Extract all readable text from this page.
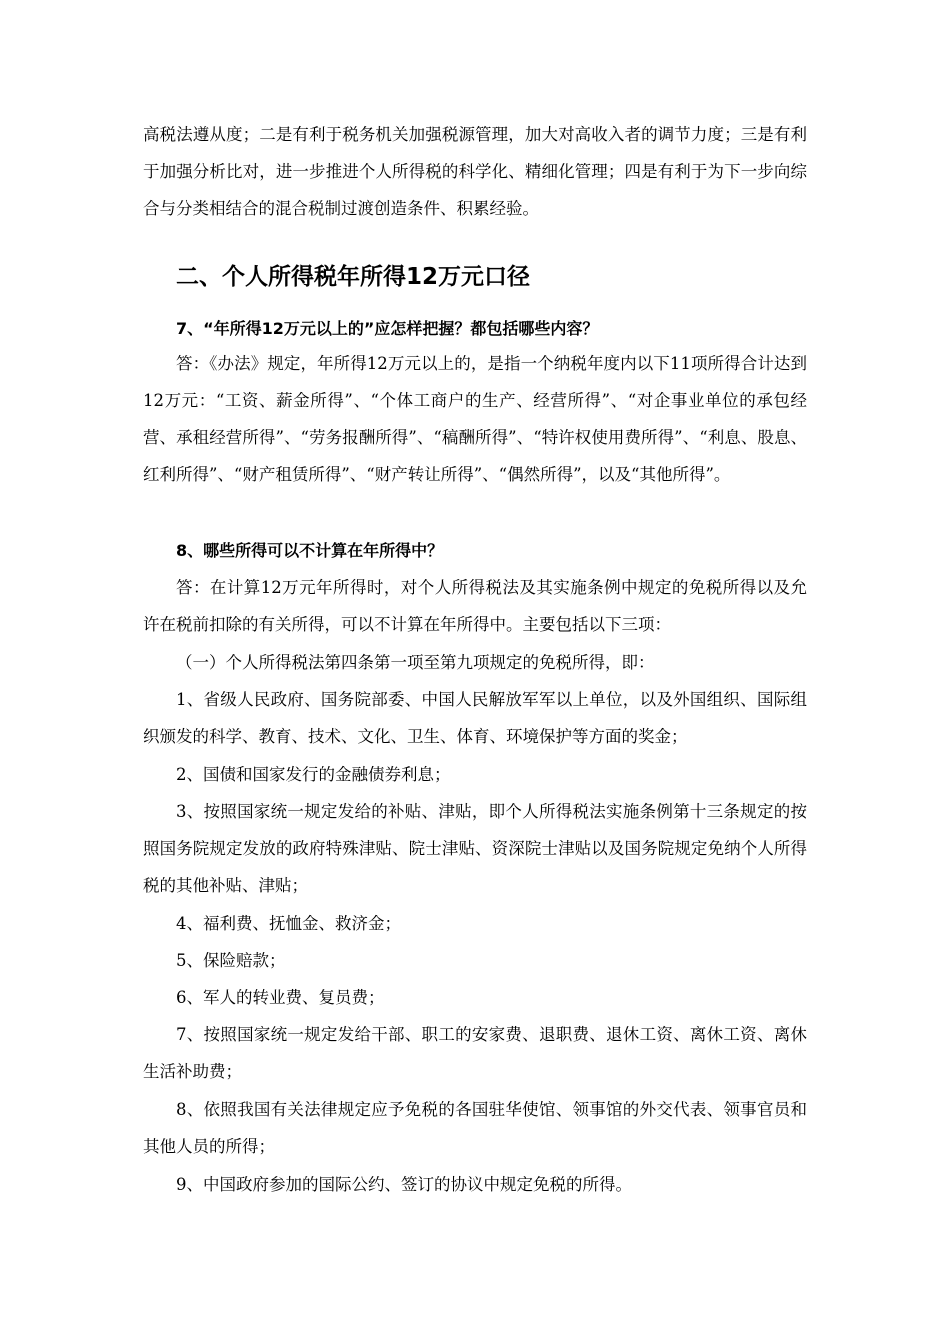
高税法遵从度；二是有利于税务机关加强税源管理，加大对高收入者的调节力度；三是有利于加强分析比对，进一步推进个人所得税的科学化、精细化管理；四是有利于为下一步向综合与分类相结合的混合税制过渡创造条件、积累经验。

二、个人所得税年所得12万元口径

7、“年所得12万元以上的”应怎样把握？都包括哪些内容？

答：《办法》规定，年所得12万元以上的，是指一个纳税年度内以下11项所得合计达到12万元：“工资、薪金所得”、“个体工商户的生产、经营所得”、“对企事业单位的承包经营、承租经营所得”、“劳务报酬所得”、“稿酬所得”、“特许权使用费所得”、“利息、股息、红利所得”、“财产租赁所得”、“财产转让所得”、“偶然所得”，以及“其他所得”。

8、哪些所得可以不计算在年所得中？

答：在计算12万元年所得时，对个人所得税法及其实施条例中规定的免税所得以及允许在税前扣除的有关所得，可以不计算在年所得中。主要包括以下三项：

（一）个人所得税法第四条第一项至第九项规定的免税所得，即：

1、省级人民政府、国务院部委、中国人民解放军军以上单位，以及外国组织、国际组织颁发的科学、教育、技术、文化、卫生、体育、环境保护等方面的奖金；

2、国债和国家发行的金融债券利息；

3、按照国家统一规定发给的补贴、津贴，即个人所得税法实施条例第十三条规定的按照国务院规定发放的政府特殊津贴、院士津贴、资深院士津贴以及国务院规定免纳个人所得税的其他补贴、津贴；

4、福利费、抚恤金、救济金；

5、保险赔款；

6、军人的转业费、复员费；

7、按照国家统一规定发给干部、职工的安家费、退职费、退休工资、离休工资、离休生活补助费；

8、依照我国有关法律规定应予免税的各国驻华使馆、领事馆的外交代表、领事官员和其他人员的所得；

9、中国政府参加的国际公约、签订的协议中规定免税的所得。
